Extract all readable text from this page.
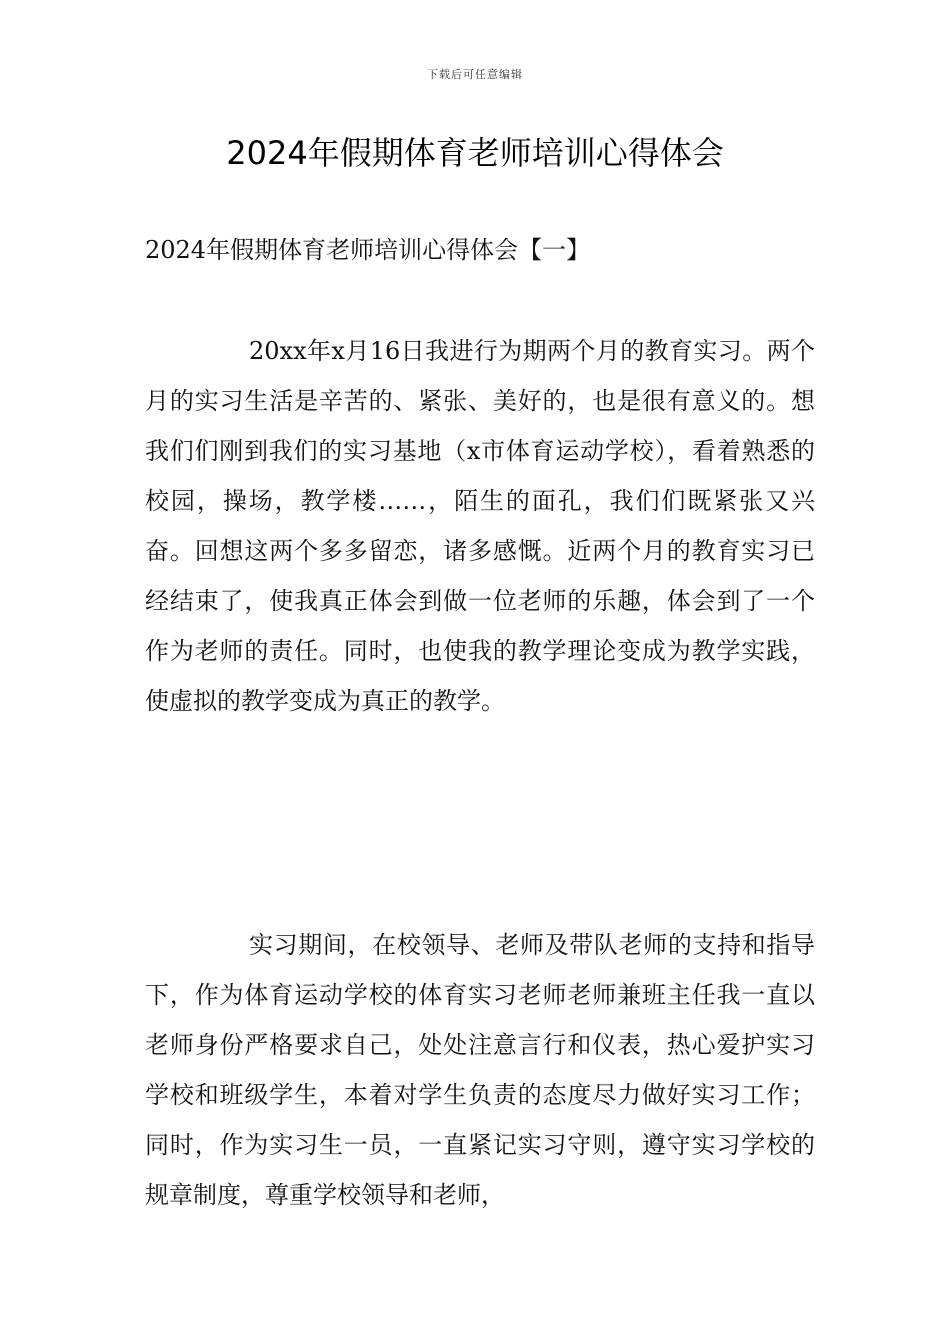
下载后可任意编辑
2024年假期体育老师培训心得体会
2024年假期体育老师培训心得体会【一】

20xx年x月16日我进行为期两个月的教育实习。两个月的实习生活是辛苦的、紧张、美好的，也是很有意义的。想我们们刚到我们的实习基地（x市体育运动学校），看着熟悉的校园，操场，教学楼……，陌生的面孔，我们们既紧张又兴奋。回想这两个多多留恋，诸多感慨。近两个月的教育实习已经结束了，使我真正体会到做一位老师的乐趣，体会到了一个作为老师的责任。同时，也使我的教学理论变成为教学实践，使虚拟的教学变成为真正的教学。

实习期间，在校领导、老师及带队老师的支持和指导下，作为体育运动学校的体育实习老师老师兼班主任我一直以老师身份严格要求自己，处处注意言行和仪表，热心爱护实习学校和班级学生，本着对学生负责的态度尽力做好实习工作；同时，作为实习生一员，一直紧记实习守则，遵守实习学校的规章制度，尊重学校领导和老师，
